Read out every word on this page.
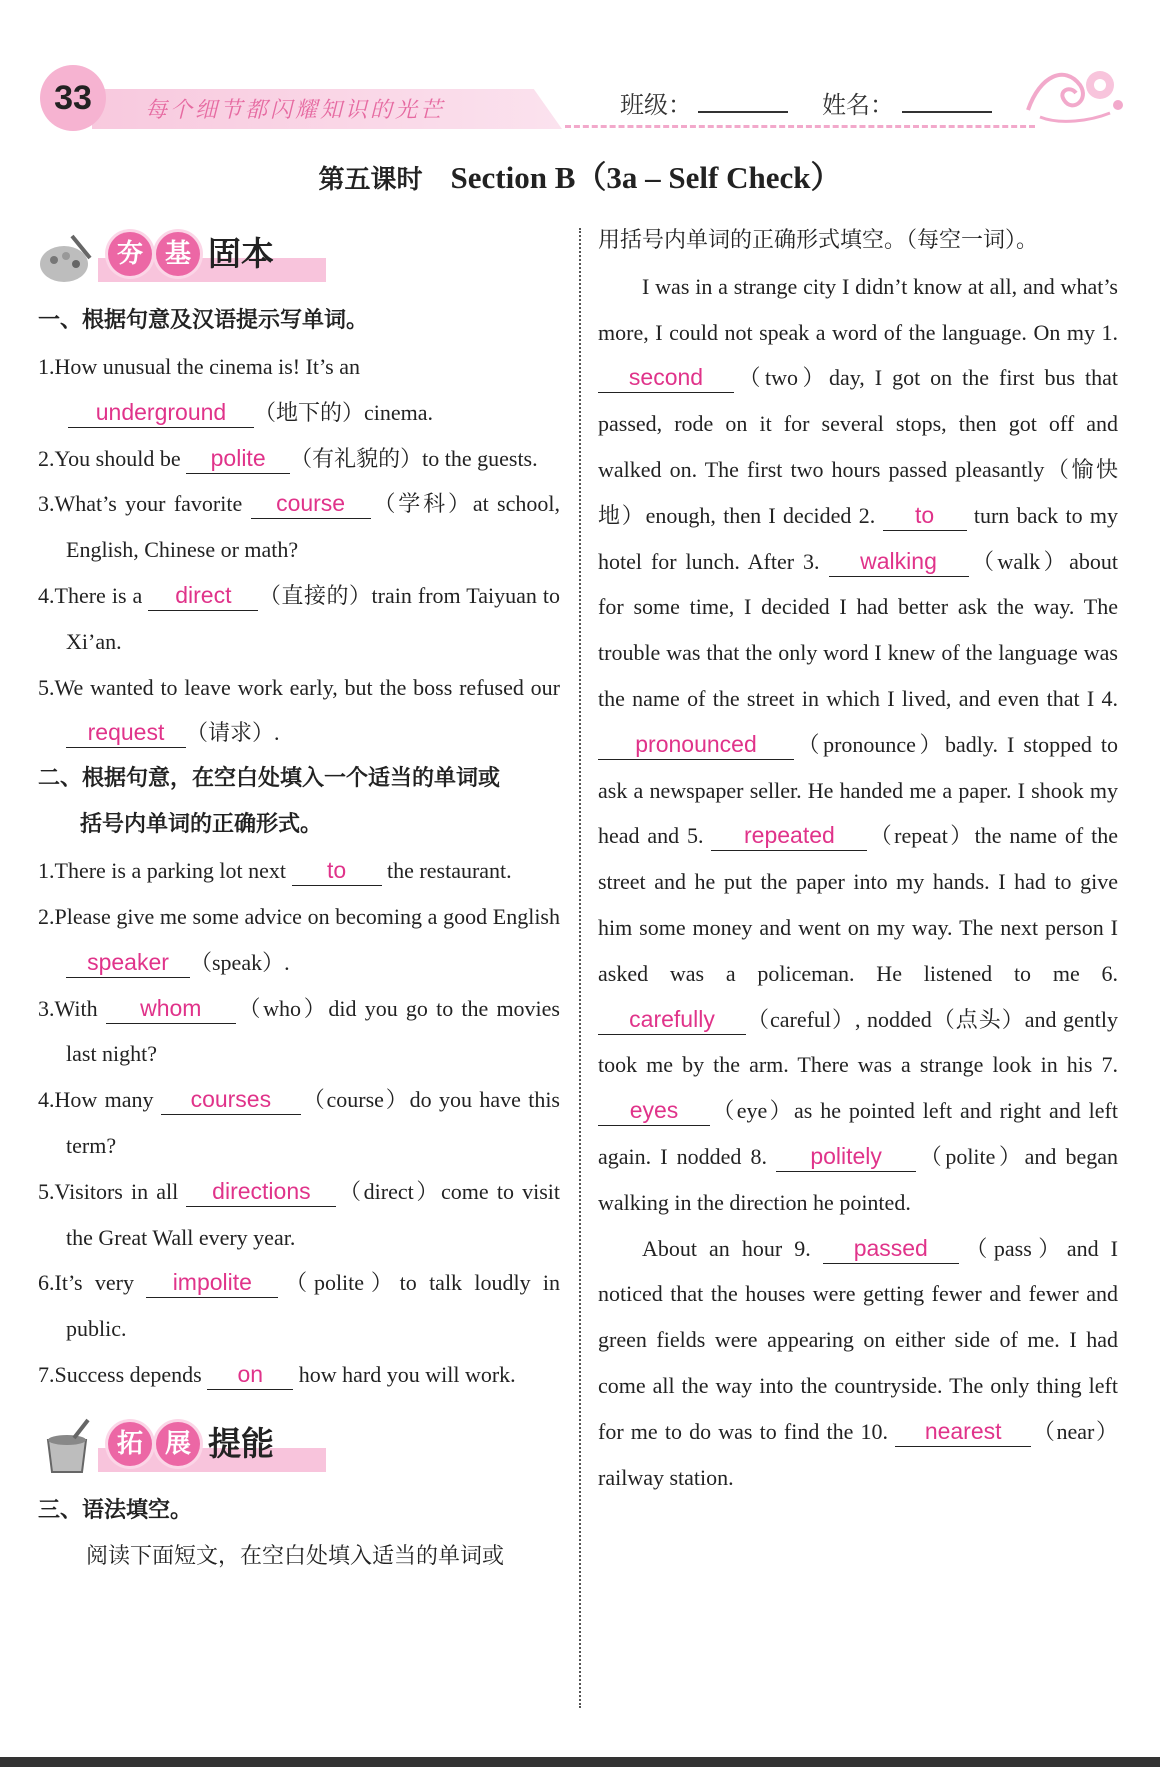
33	每个细节都闪耀知识的光芒	班级：	姓名：
第五课时 Section B（3a – Self Check）
夯 基 固本
一、根据句意及汉语提示写单词。
1.How unusual the cinema is! It’s an
underground （地下的）cinema.
2.You should be polite （有礼貌的）to the guests.
3.What’s your favorite course （学科）at school, English, Chinese or math?
4.There is a direct （直接的）train from Taiyuan to Xi’an.
5.We wanted to leave work early, but the boss refused our request （请求）.
二、根据句意，在空白处填入一个适当的单词或
括号内单词的正确形式。
1.There is a parking lot next to the restaurant.
2.Please give me some advice on becoming a good English speaker （speak）.
3.With whom （who）did you go to the movies last night?
4.How many courses （course）do you have this term?
5.Visitors in all directions （direct）come to visit the Great Wall every year.
6.It’s very impolite （polite）to talk loudly in public.
7.Success depends on how hard you will work.
拓 展 提能
三、语法填空。
阅读下面短文，在空白处填入适当的单词或
用括号内单词的正确形式填空。（每空一词）。
I was in a strange city I didn’t know at all, and what’s more, I could not speak a word of the language. On my 1. second （two）day, I got on the first bus that passed, rode on it for several stops, then got off and walked on. The first two hours passed pleasantly（愉快地）enough, then I decided 2. to turn back to my hotel for lunch. After 3. walking （walk）about for some time, I decided I had better ask the way. The trouble was that the only word I knew of the language was the name of the street in which I lived, and even that I 4. pronounced （pronounce）badly. I stopped to ask a newspaper seller. He handed me a paper. I shook my head and 5. repeated （repeat）the name of the street and he put the paper into my hands. I had to give him some money and went on my way. The next person I asked was a policeman. He listened to me 6. carefully （careful）, nodded（点头）and gently took me by the arm. There was a strange look in his 7. eyes （eye）as he pointed left and right and left again. I nodded 8. politely （polite）and began walking in the direction he pointed.
About an hour 9. passed （pass）and I noticed that the houses were getting fewer and fewer and green fields were appearing on either side of me. I had come all the way into the countryside. The only thing left for me to do was to find the 10. nearest （near）railway station.
